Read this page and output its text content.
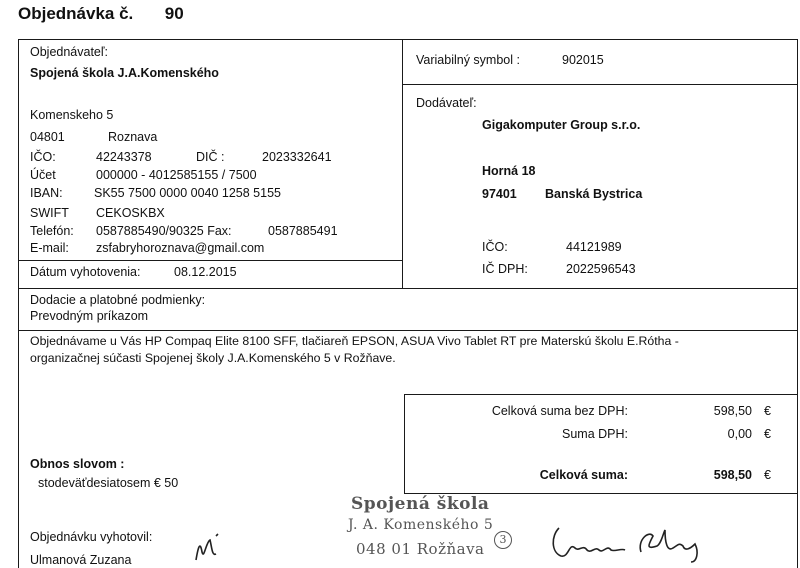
Objednávka č. 90
Objednávateľ:
Spojená škola J.A.Komenského
Komenskeho 5
04801	Roznava
IČO:	42243378	DIČ :	2023332641
Účet	000000 - 4012585155 / 7500
IBAN:	SK55 7500 0000 0040 1258 5155
SWIFT CEKOSKBX
Telefón: 0587885490/90325 Fax:	0587885491
E-mail: zsfabryhoroznava@gmail.com
Dátum vyhotovenia:	08.12.2015
Variabilný symbol :	902015
Dodávateľ:
Gigakomputer Group s.r.o.
Horná 18
97401 Banská Bystrica
IČO:	44121989
IČ DPH:	2022596543
Dodacie a platobné podmienky:
Prevodným príkazom
Objednávame u Vás HP Compaq Elite 8100 SFF, tlačiareň EPSON, ASUA Vivo Tablet RT pre Materskú školu E.Rótha -
organizačnej súčasti Spojenej školy J.A.Komenského 5 v Rožňave.
Celková suma bez DPH:	598,50 €
Suma DPH:	0,00 €
Celková suma:	598,50 €
Obnos slovom :
stodeväťdesiatosem € 50
Objednávku vyhotovil:
Ulmanová Zuzana
Spojená škola
J. A. Komenského 5
048 01 Rožňava
3
